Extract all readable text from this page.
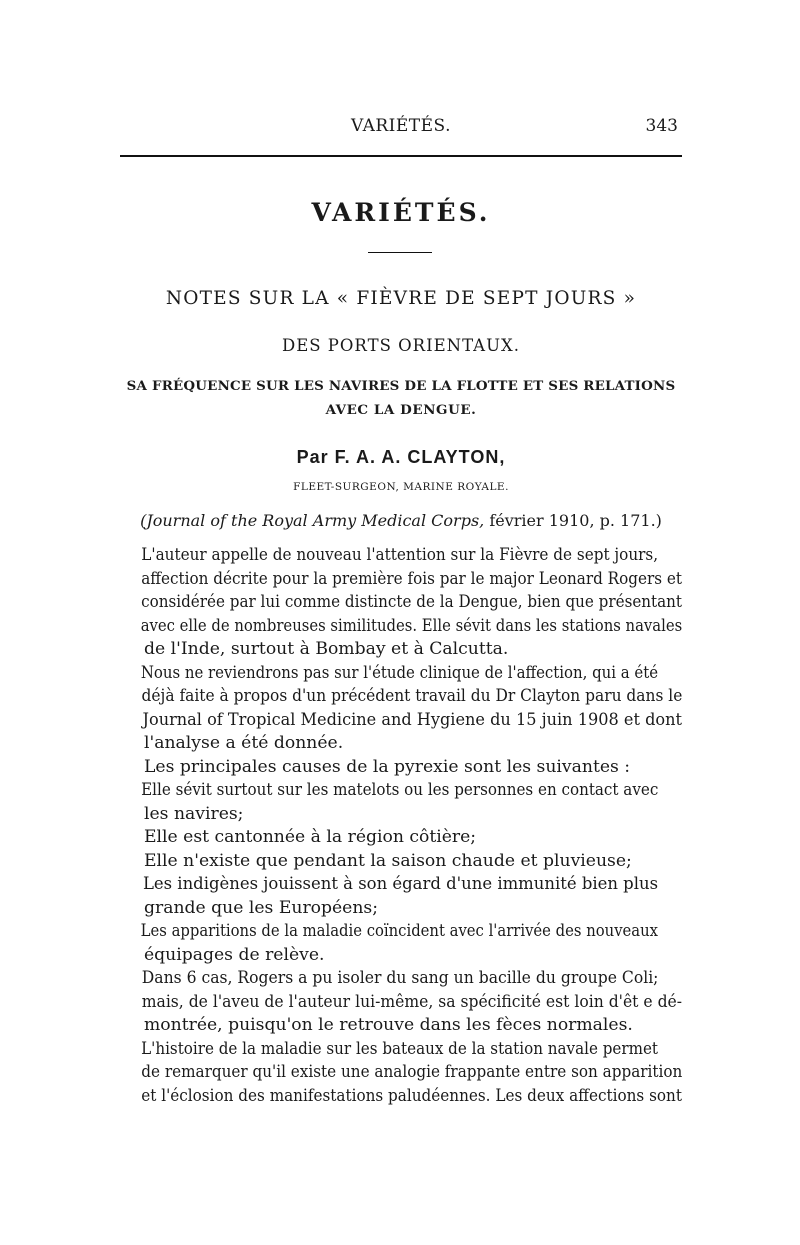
VARIÉTÉS.	343
VARIÉTÉS.
NOTES SUR LA « FIÈVRE DE SEPT JOURS »
DES PORTS ORIENTAUX.
SA FRÉQUENCE SUR LES NAVIRES DE LA FLOTTE ET SES RELATIONS
AVEC LA DENGUE.
Par F. A. A. CLAYTON,
FLEET-SURGEON, MARINE ROYALE.
(Journal of the Royal Army Medical Corps, février 1910, p. 171.)

L'auteur appelle de nouveau l'attention sur la Fièvre de sept jours,
affection décrite pour la première fois par le major Leonard Rogers et
considérée par lui comme distincte de la Dengue, bien que présentant
avec elle de nombreuses similitudes. Elle sévit dans les stations navales
de l'Inde, surtout à Bombay et à Calcutta.

Nous ne reviendrons pas sur l'étude clinique de l'affection, qui a été
déjà faite à propos d'un précédent travail du Dr Clayton paru dans le
Journal of Tropical Medicine and Hygiene du 15 juin 1908 et dont
l'analyse a été donnée.

Les principales causes de la pyrexie sont les suivantes :

Elle sévit surtout sur les matelots ou les personnes en contact avec
les navires;

Elle est cantonnée à la région côtière;

Elle n'existe que pendant la saison chaude et pluvieuse;

Les indigènes jouissent à son égard d'une immunité bien plus
grande que les Européens;

Les apparitions de la maladie coïncident avec l'arrivée des nouveaux
équipages de relève.

Dans 6 cas, Rogers a pu isoler du sang un bacille du groupe Coli;
mais, de l'aveu de l'auteur lui-même, sa spécificité est loin d'êt e dé-
montrée, puisqu'on le retrouve dans les fèces normales.

L'histoire de la maladie sur les bateaux de la station navale permet
de remarquer qu'il existe une analogie frappante entre son apparition
et l'éclosion des manifestations paludéennes. Les deux affections sont
